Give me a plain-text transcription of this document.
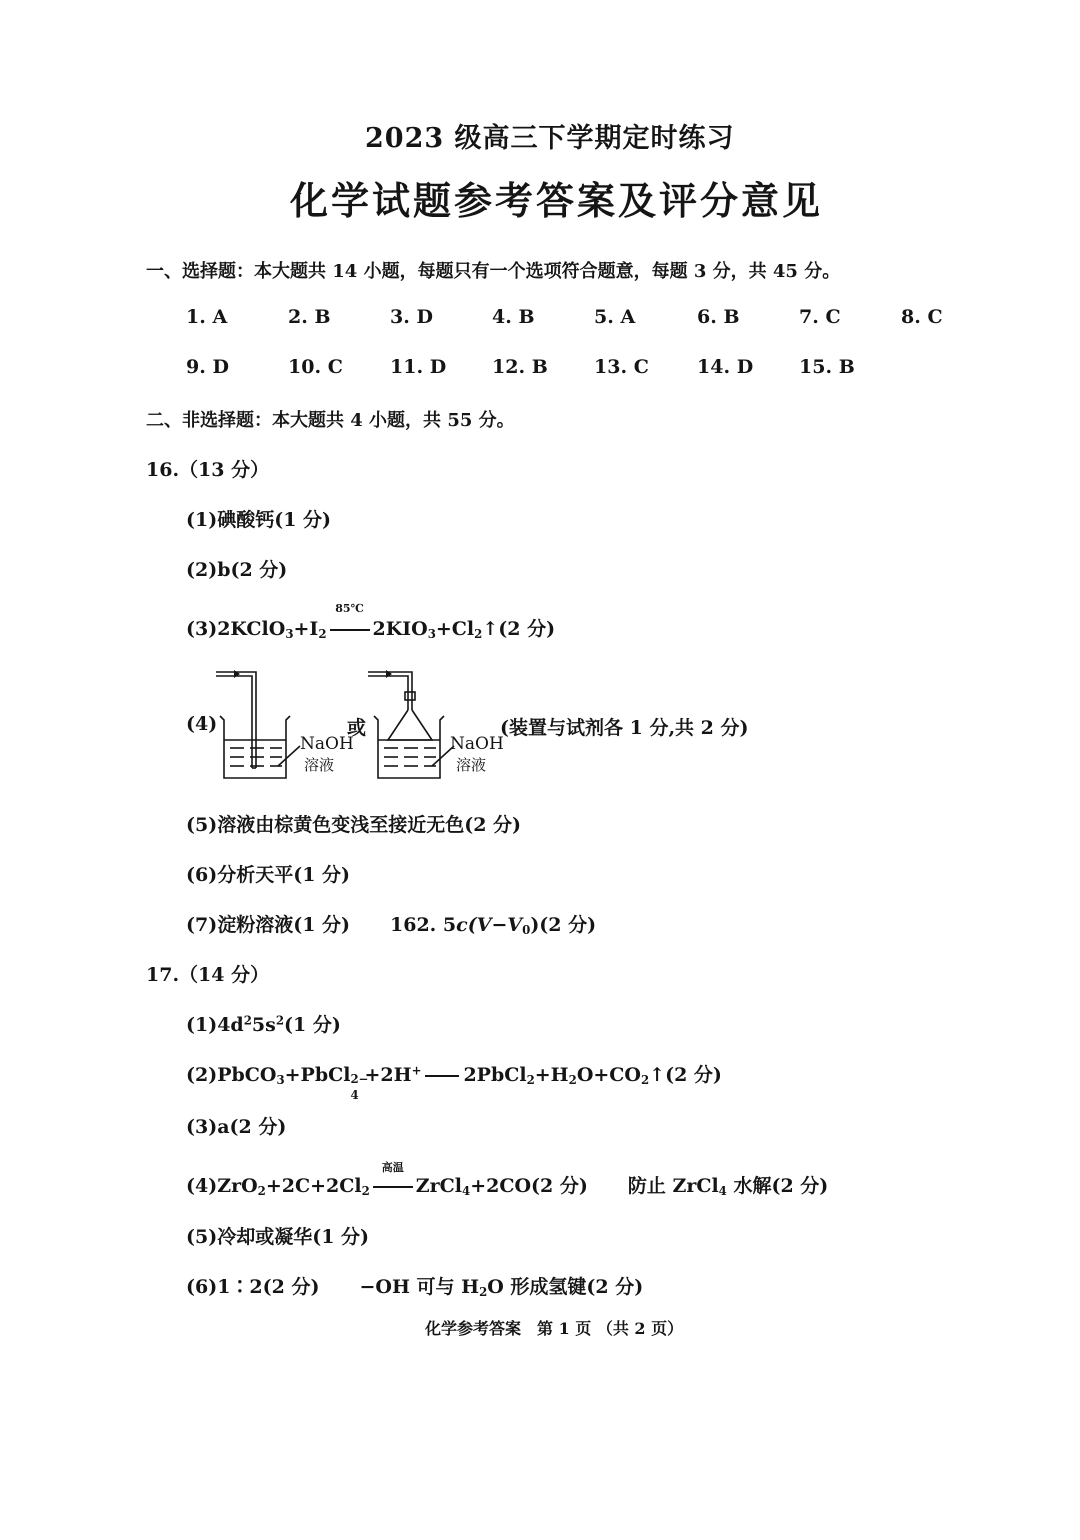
2023 级高三下学期定时练习
化学试题参考答案及评分意见
一、选择题：本大题共 14 小题，每题只有一个选项符合题意，每题 3 分，共 45 分。
1. A	2. B	3. D	4. B	5. A	6. B	7. C	8. C
9. D	10. C 11. D 12. B 13. C	14. D 15. B
二、非选择题：本大题共 4 小题，共 55 分。
16.（13 分）
(1)碘酸钙(1 分)
(2)b(2 分)
$(3)2KClO_3+I_2$
85℃
$2KIO_3+Cl_2↑(2$ 分)
(4)
NaOH
溶液
或
NaOH
溶液
(装置与试剂各 1 分,共 2 分)
(5)溶液由棕黄色变浅至接近无色(2 分)
(6)分析天平(1 分)
(7)淀粉溶液(1 分) 162. $5c(V-V_0)(2$ 分)
17.（14 分）
$(1)4d^25s^2(1$ 分)
(2)PbCO$_3$+PbCl 2−
4
+2H+ $2PbCl_2+H_2O+CO_2↑(2$ 分)
(3)a(2 分)
$(4)ZrO_2+2C+2Cl_2$
高温
ZrCl$_4$+2CO(2 分) 防止 ZrCl$_4$ 水解(2 分)
(5)冷却或凝华(1 分)
(6)1∶2(2 分) −OH 可与 $H_2O$ 形成氢键(2 分)
化学参考答案　第 1 页 （共 2 页）
